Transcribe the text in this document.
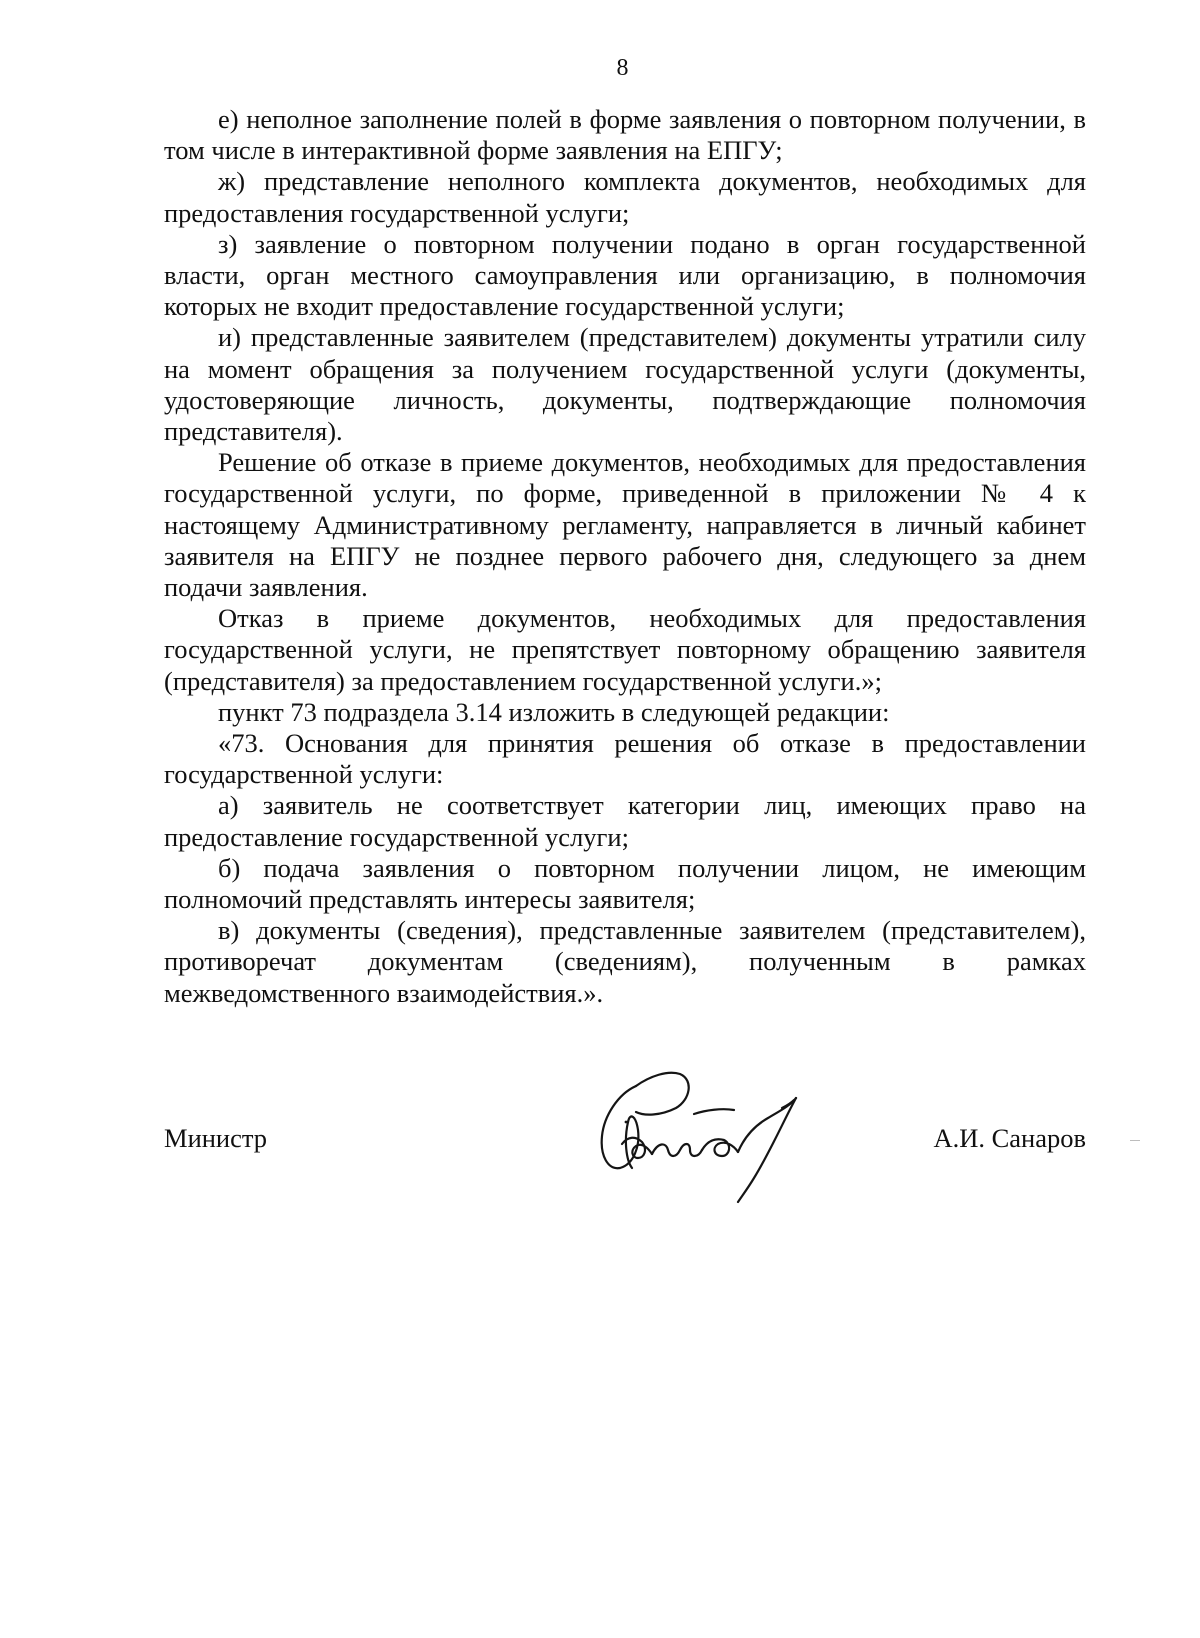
8

е) неполное заполнение полей в форме заявления о повторном получении, в том числе в интерактивной форме заявления на ЕПГУ;

ж) представление неполного комплекта документов, необходимых для предоставления государственной услуги;

з) заявление о повторном получении подано в орган государственной власти, орган местного самоуправления или организацию, в полномочия которых не входит предоставление государственной услуги;

и) представленные заявителем (представителем) документы утратили силу на момент обращения за получением государственной услуги (документы, удостоверяющие личность, документы, подтверждающие полномочия представителя).

Решение об отказе в приеме документов, необходимых для предоставления государственной услуги, по форме, приведенной в приложении № 4 к настоящему Административному регламенту, направляется в личный кабинет заявителя на ЕПГУ не позднее первого рабочего дня, следующего за днем подачи заявления.

Отказ в приеме документов, необходимых для предоставления государственной услуги, не препятствует повторному обращению заявителя (представителя) за предоставлением государственной услуги.»;

пункт 73 подраздела 3.14 изложить в следующей редакции:

«73. Основания для принятия решения об отказе в предоставлении государственной услуги:

а) заявитель не соответствует категории лиц, имеющих право на предоставление государственной услуги;

б) подача заявления о повторном получении лицом, не имеющим полномочий представлять интересы заявителя;

в) документы (сведения), представленные заявителем (представителем), противоречат документам (сведениям), полученным в рамках межведомственного взаимодействия.».

Министр	А.И. Санаров
